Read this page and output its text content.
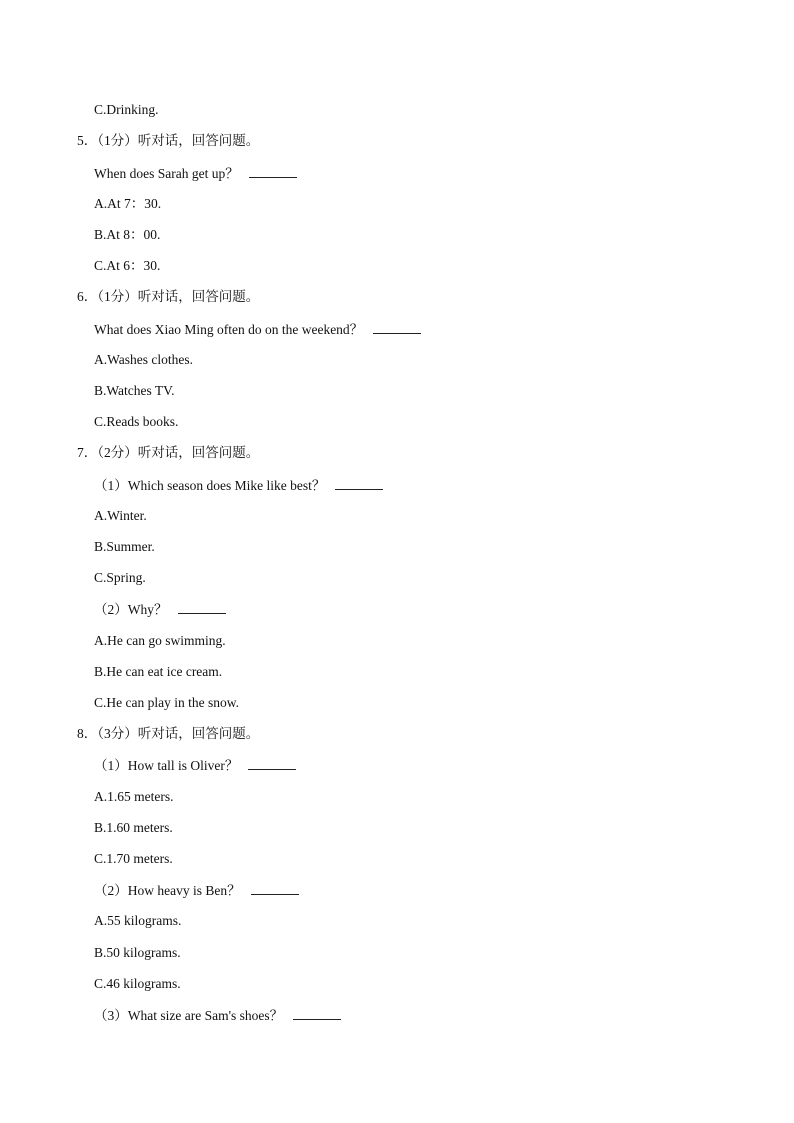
C.Drinking.
5．（1分）听对话，回答问题。
When does Sarah get up？
A.At 7：30.
B.At 8：00.
C.At 6：30.
6．（1分）听对话，回答问题。
What does Xiao Ming often do on the weekend？
A.Washes clothes.
B.Watches TV.
C.Reads books.
7．（2分）听对话，回答问题。
（1）Which season does Mike like best？
A.Winter.
B.Summer.
C.Spring.
（2）Why？
A.He can go swimming.
B.He can eat ice cream.
C.He can play in the snow.
8．（3分）听对话，回答问题。
（1）How tall is Oliver？
A.1.65 meters.
B.1.60 meters.
C.1.70 meters.
（2）How heavy is Ben？
A.55 kilograms.
B.50 kilograms.
C.46 kilograms.
（3）What size are Sam's shoes？
